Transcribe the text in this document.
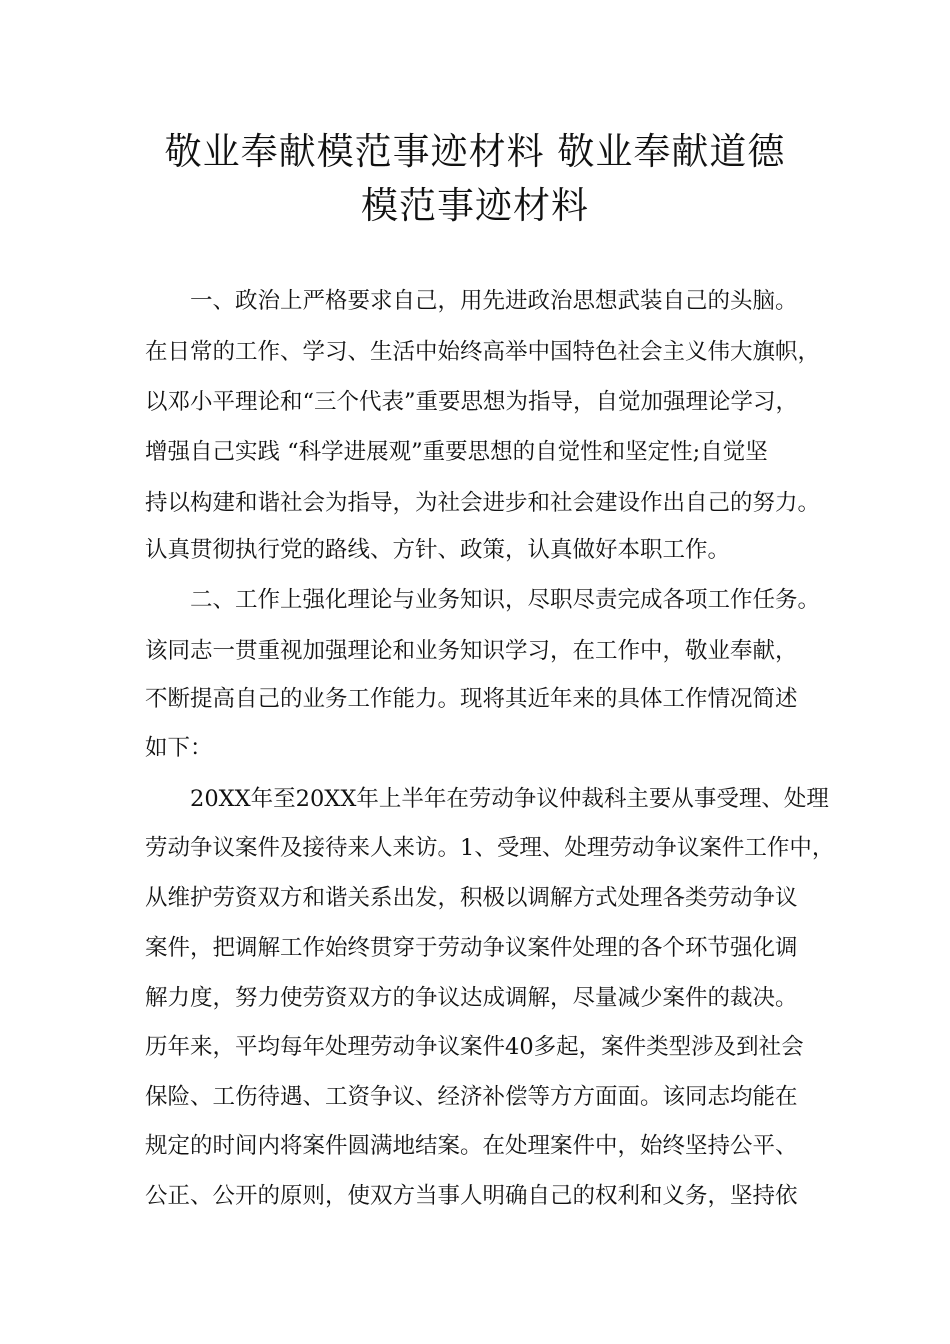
敬业奉献模范事迹材料 敬业奉献道德
模范事迹材料
一、政治上严格要求自己，用先进政治思想武装自己的头脑。
在日常的工作、学习、生活中始终高举中国特色社会主义伟大旗帜，
以邓小平理论和“三个代表”重要思想为指导，自觉加强理论学习，
增强自己实践 “科学进展观”重要思想的自觉性和坚定性;自觉坚
持以构建和谐社会为指导，为社会进步和社会建设作出自己的努力。
认真贯彻执行党的路线、方针、政策，认真做好本职工作。
二、工作上强化理论与业务知识，尽职尽责完成各项工作任务。
该同志一贯重视加强理论和业务知识学习，在工作中，敬业奉献，
不断提高自己的业务工作能力。现将其近年来的具体工作情况简述
如下：
20XX年至20XX年上半年在劳动争议仲裁科主要从事受理、处理
劳动争议案件及接待来人来访。1、受理、处理劳动争议案件工作中，
从维护劳资双方和谐关系出发，积极以调解方式处理各类劳动争议
案件，把调解工作始终贯穿于劳动争议案件处理的各个环节强化调
解力度，努力使劳资双方的争议达成调解，尽量减少案件的裁决。
历年来，平均每年处理劳动争议案件40多起，案件类型涉及到社会
保险、工伤待遇、工资争议、经济补偿等方方面面。该同志均能在
规定的时间内将案件圆满地结案。在处理案件中，始终坚持公平、
公正、公开的原则，使双方当事人明确自己的权利和义务，坚持依
